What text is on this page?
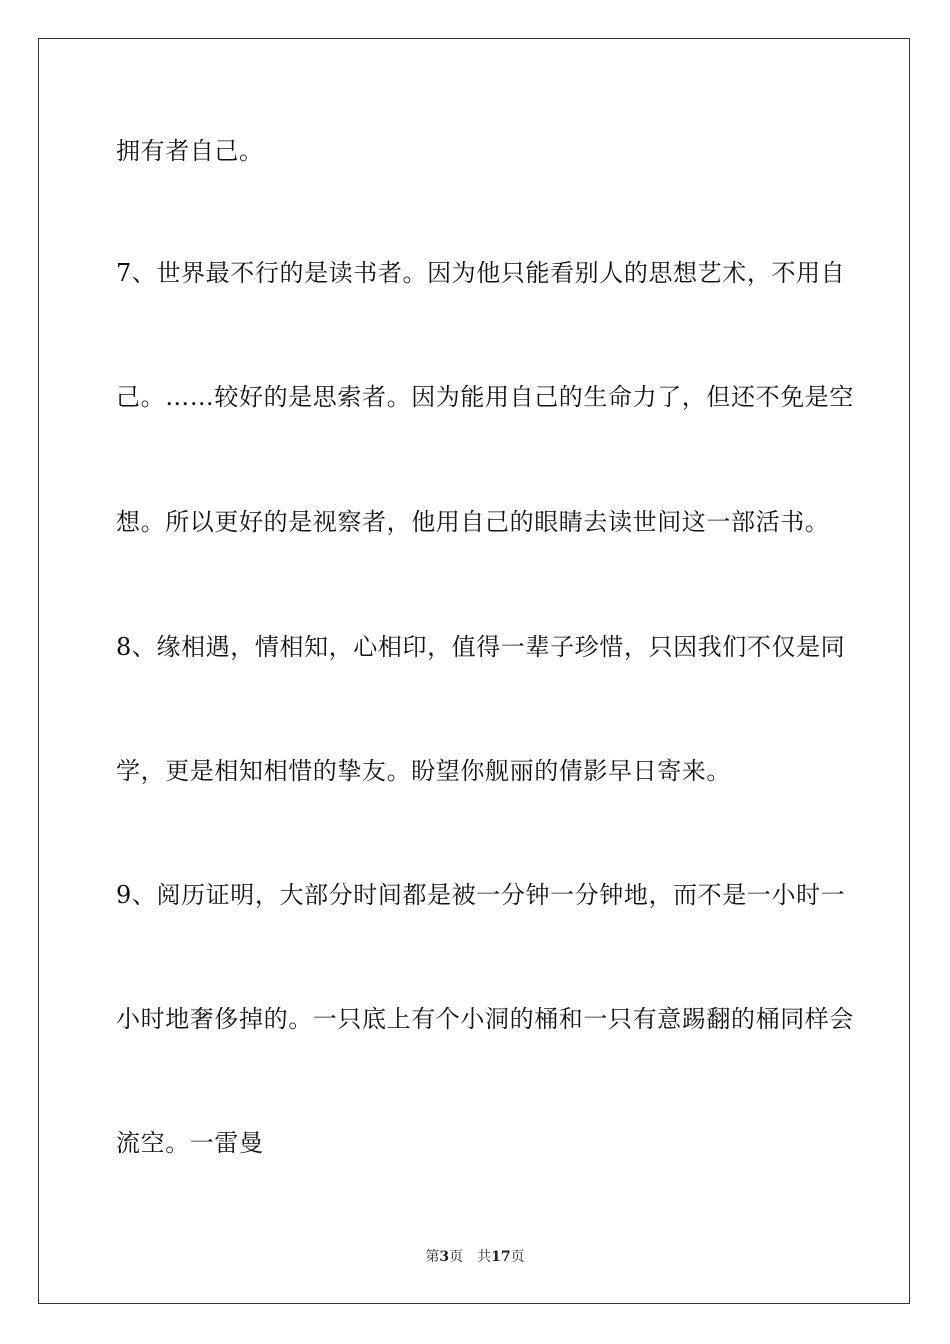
拥有者自己。
7、世界最不行的是读书者。因为他只能看别人的思想艺术，不用自
己。……较好的是思索者。因为能用自己的生命力了，但还不免是空
想。所以更好的是视察者，他用自己的眼睛去读世间这一部活书。
8、缘相遇，情相知，心相印，值得一辈子珍惜，只因我们不仅是同
学，更是相知相惜的挚友。盼望你舰丽的倩影早日寄来。
9、阅历证明，大部分时间都是被一分钟一分钟地，而不是一小时一
小时地奢侈掉的。一只底上有个小洞的桶和一只有意踢翻的桶同样会
流空。一雷曼
第3页 共17页
